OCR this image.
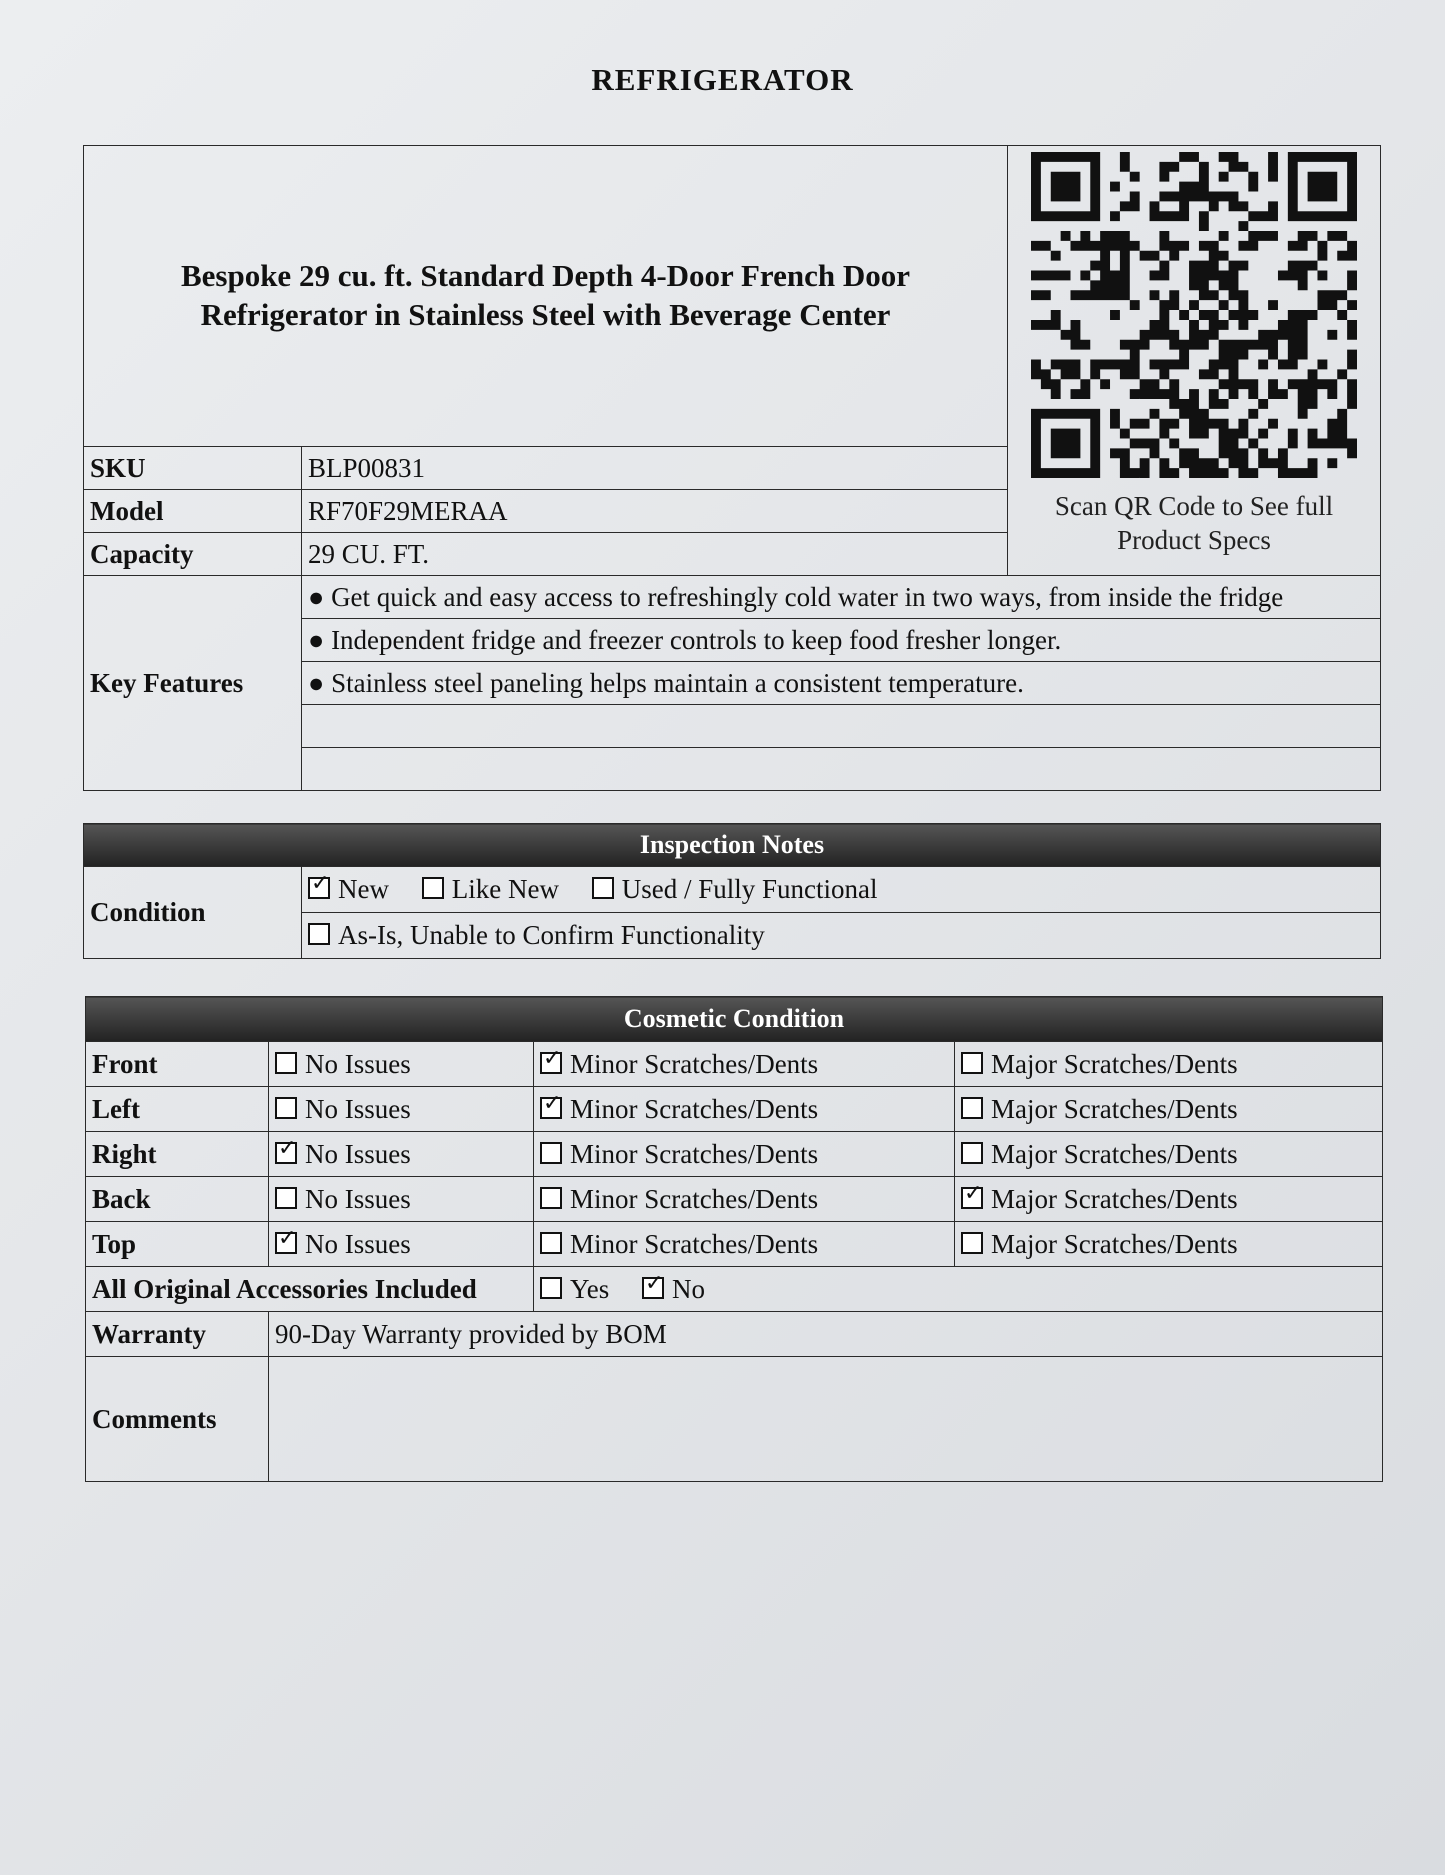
REFRIGERATOR
Bespoke 29 cu. ft. Standard Depth 4-Door French Door Refrigerator in Stainless Steel with Beverage Center		Scan QR Code to See full Product Specs

SKU	BLP00831	
Model	RF70F29MERAA	
Capacity	29 CU. FT.	
Key Features	● Get quick and easy access to refreshingly cold water in two ways, from inside the fridge	
	● Independent fridge and freezer controls to keep food fresher longer.	
	● Stainless steel paneling helps maintain a consistent temperature.	

Inspection Notes
Condition	✓New Like New Used / Fully Functional
As-Is, Unable to Confirm Functionality
Cosmetic Condition			
Front	No Issues	✓Minor Scratches/Dents	Major Scratches/Dents
Left	No Issues	✓Minor Scratches/Dents	Major Scratches/Dents
Right	✓No Issues	Minor Scratches/Dents	Major Scratches/Dents
Back	No Issues	Minor Scratches/Dents	✓Major Scratches/Dents
Top	✓No Issues	Minor Scratches/Dents	Major Scratches/Dents
All Original Accessories Included		Yes ✓ No
Warranty	90-Day Warranty provided by BOM		
Comments			
